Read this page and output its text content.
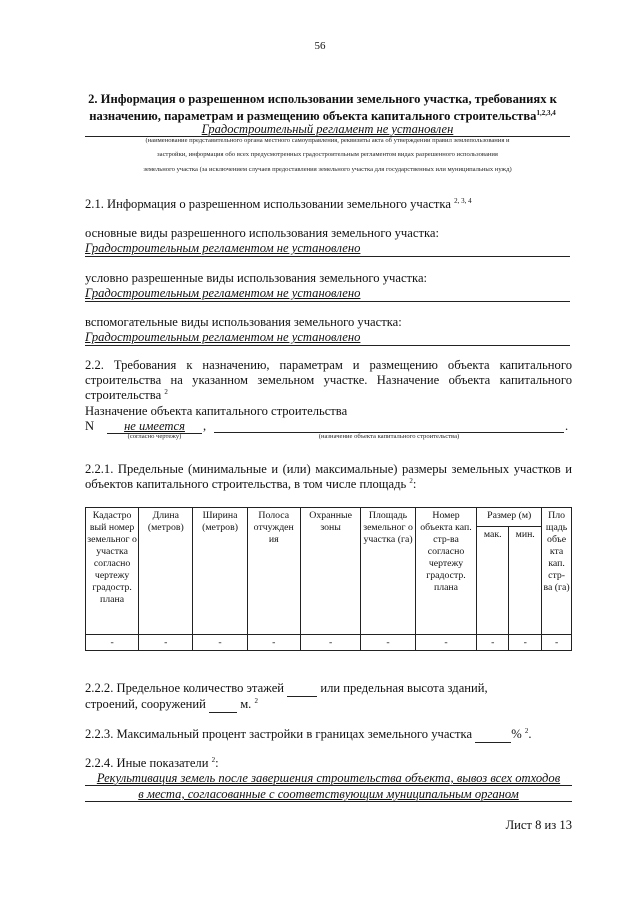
56
2. Информация о разрешенном использовании земельного участка, требованиях к назначению, параметрам и размещению объекта капитального строительства$^{1,2,3,4}$
Градостроительный регламент не установлен
(наименование представительного органа местного самоуправления, реквизиты акта об утверждении правил землепользования и
застройки, информация обо всех предусмотренных градостроительным регламентом видах разрешенного использования
земельного участка (за исключением случаев предоставления земельного участка для государственных или муниципальных нужд)
2.1. Информация о разрешенном использовании земельного участка $^{2, 3, 4}$
основные виды разрешенного использования земельного участка:
Градостроительным регламентом не установлено
условно разрешенные виды использования земельного участка:
Градостроительным регламентом не установлено
вспомогательные виды использования земельного участка:
Градостроительным регламентом не установлено
2.2. Требования к назначению, параметрам и размещению объекта капитального
строительства на указанном земельном участке. Назначение объекта капитального
строительства $^2$
Назначение объекта капитального строительства
N	не имеется	,	.
(согласно чертежу)	(назначение объекта капитального строительства)
2.2.1. Предельные (минимальные и (или) максимальные) размеры земельных участков и
объектов капитального строительства, в том числе площадь $^2$:
Кадастро вый номер земельног о участка согласно чертежу градостр. плана	Длина (метров)	Ширина (метров)	Полоса отчужден ия	Охранные зоны	Площадь земельног о участка (га)	Номер объекта кап. стр-ва согласно чертежу градостр. плана	Размер (м)		Пло щадь объе кта кап. стр- ва (га)
							мак.	мин.	
-	-	-	-	-	-	-	-	-	-
2.2.2. Предельное количество этажей	или предельная высота зданий,
строений, сооружений	м. $^2$
2.2.3. Максимальный процент застройки в границах земельного участка	% $^2$.
2.2.4. Иные показатели $^2$:
Рекультивация земель после завершения строительства объекта, вывоз всех отходов
в места, согласованные с соответствующим муниципальным органом
Лист 8 из 13
